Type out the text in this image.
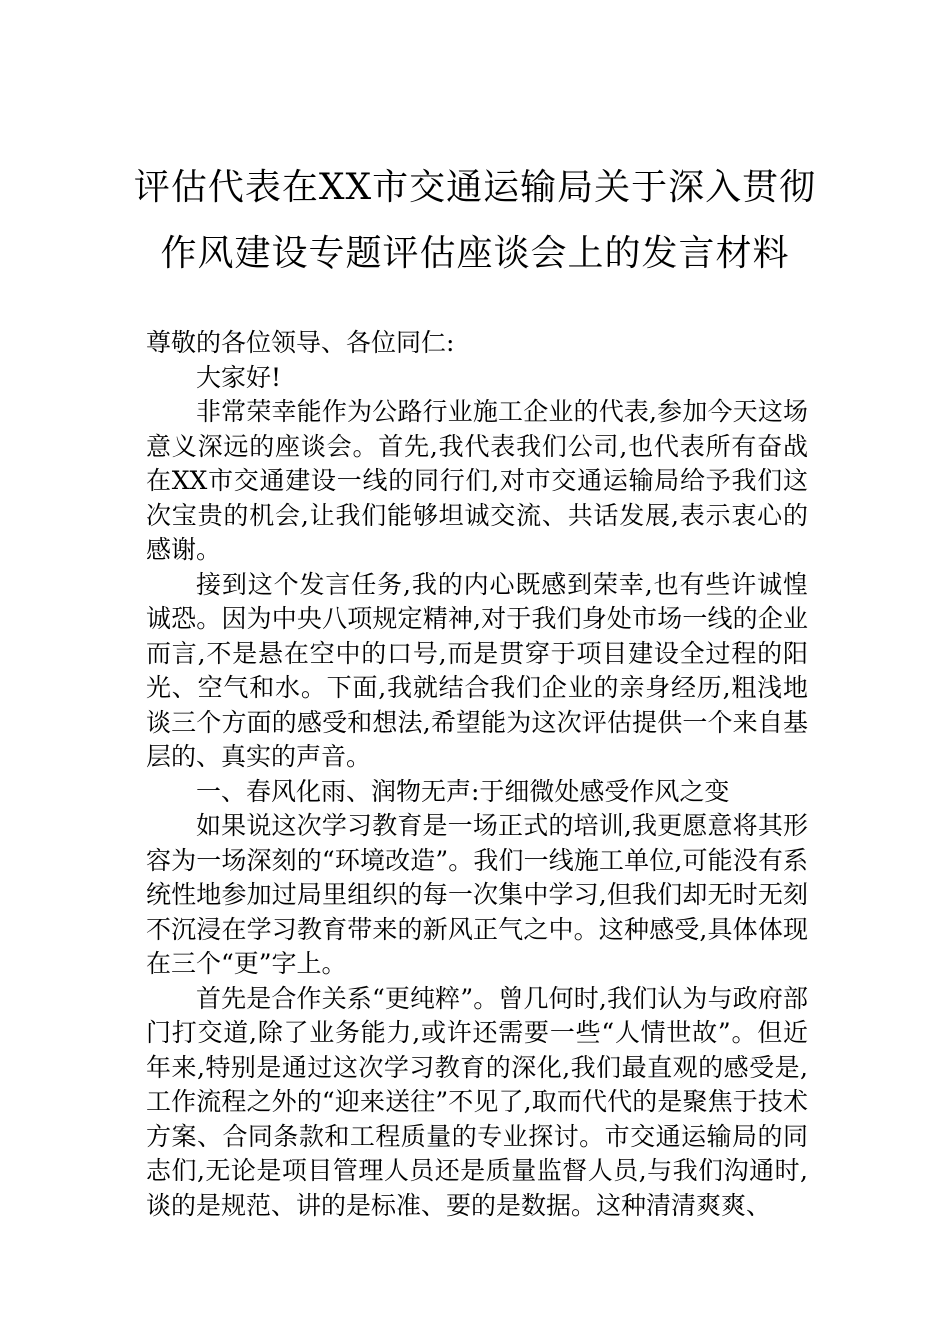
评估代表在XX市交通运输局关于深入贯彻
作风建设专题评估座谈会上的发言材料

尊敬的各位领导、各位同仁:

大家好!

非常荣幸能作为公路行业施工企业的代表,参加今天这场意义深远的座谈会。首先,我代表我们公司,也代表所有奋战在XX市交通建设一线的同行们,对市交通运输局给予我们这次宝贵的机会,让我们能够坦诚交流、共话发展,表示衷心的感谢。

接到这个发言任务,我的内心既感到荣幸,也有些许诚惶诚恐。因为中央八项规定精神,对于我们身处市场一线的企业而言,不是悬在空中的口号,而是贯穿于项目建设全过程的阳光、空气和水。下面,我就结合我们企业的亲身经历,粗浅地谈三个方面的感受和想法,希望能为这次评估提供一个来自基层的、真实的声音。

一、春风化雨、润物无声:于细微处感受作风之变

如果说这次学习教育是一场正式的培训,我更愿意将其形容为一场深刻的“环境改造”。我们一线施工单位,可能没有系统性地参加过局里组织的每一次集中学习,但我们却无时无刻不沉浸在学习教育带来的新风正气之中。这种感受,具体体现在三个“更”字上。

首先是合作关系“更纯粹”。曾几何时,我们认为与政府部门打交道,除了业务能力,或许还需要一些“人情世故”。但近年来,特别是通过这次学习教育的深化,我们最直观的感受是,工作流程之外的“迎来送往”不见了,取而代代的是聚焦于技术方案、合同条款和工程质量的专业探讨。市交通运输局的同志们,无论是项目管理人员还是质量监督人员,与我们沟通时,谈的是规范、讲的是标准、要的是数据。这种清清爽爽、
